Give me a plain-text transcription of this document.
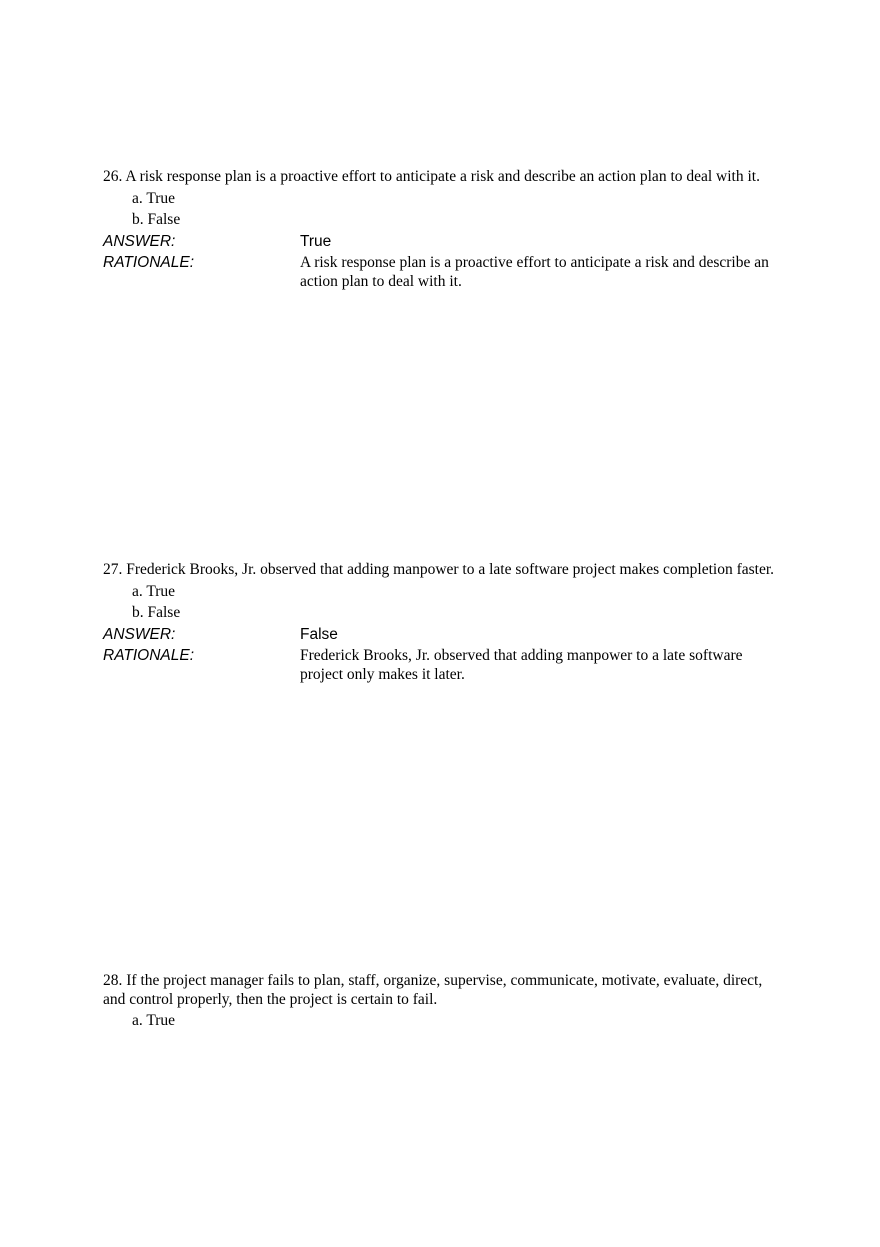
26. A risk response plan is a proactive effort to anticipate a risk and describe an action plan to deal with it.

a. True
b. False
ANSWER:	True
RATIONALE:	A risk response plan is a proactive effort to anticipate a risk and describe an action plan to deal with it.

27. Frederick Brooks, Jr. observed that adding manpower to a late software project makes completion faster.

a. True
b. False
ANSWER:	False
RATIONALE:	Frederick Brooks, Jr. observed that adding manpower to a late software project only makes it later.

28. If the project manager fails to plan, staff, organize, supervise, communicate, motivate, evaluate, direct, and control properly, then the project is certain to fail.

a. True
